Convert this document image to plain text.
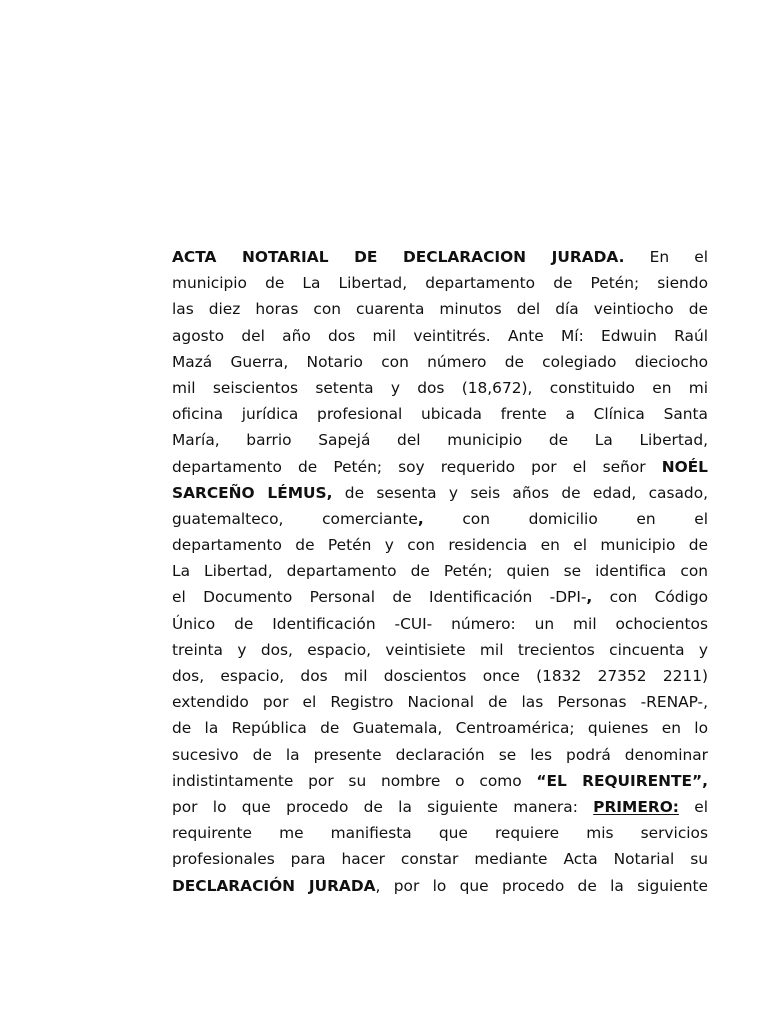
ACTA NOTARIAL DE DECLARACION JURADA. En el
municipio de La Libertad, departamento de Petén; siendo
las diez horas con cuarenta minutos del día veintiocho de
agosto del año dos mil veintitrés. Ante Mí: Edwuin Raúl
Mazá Guerra, Notario con número de colegiado dieciocho
mil seiscientos setenta y dos (18,672), constituido en mi
oficina jurídica profesional ubicada frente a Clínica Santa
María, barrio Sapejá del municipio de La Libertad,
departamento de Petén; soy requerido por el señor NOÉL
SARCEÑO LÉMUS, de sesenta y seis años de edad, casado,
guatemalteco, comerciante, con domicilio en el
departamento de Petén y con residencia en el municipio de
La Libertad, departamento de Petén; quien se identifica con
el Documento Personal de Identificación -DPI-, con Código
Único de Identificación -CUI- número: un mil ochocientos
treinta y dos, espacio, veintisiete mil trecientos cincuenta y
dos, espacio, dos mil doscientos once (1832 27352 2211)
extendido por el Registro Nacional de las Personas -RENAP-,
de la República de Guatemala, Centroamérica; quienes en lo
sucesivo de la presente declaración se les podrá denominar
indistintamente por su nombre o como “EL REQUIRENTE”,
por lo que procedo de la siguiente manera: PRIMERO: el
requirente me manifiesta que requiere mis servicios
profesionales para hacer constar mediante Acta Notarial su
DECLARACIÓN JURADA, por lo que procedo de la siguiente
